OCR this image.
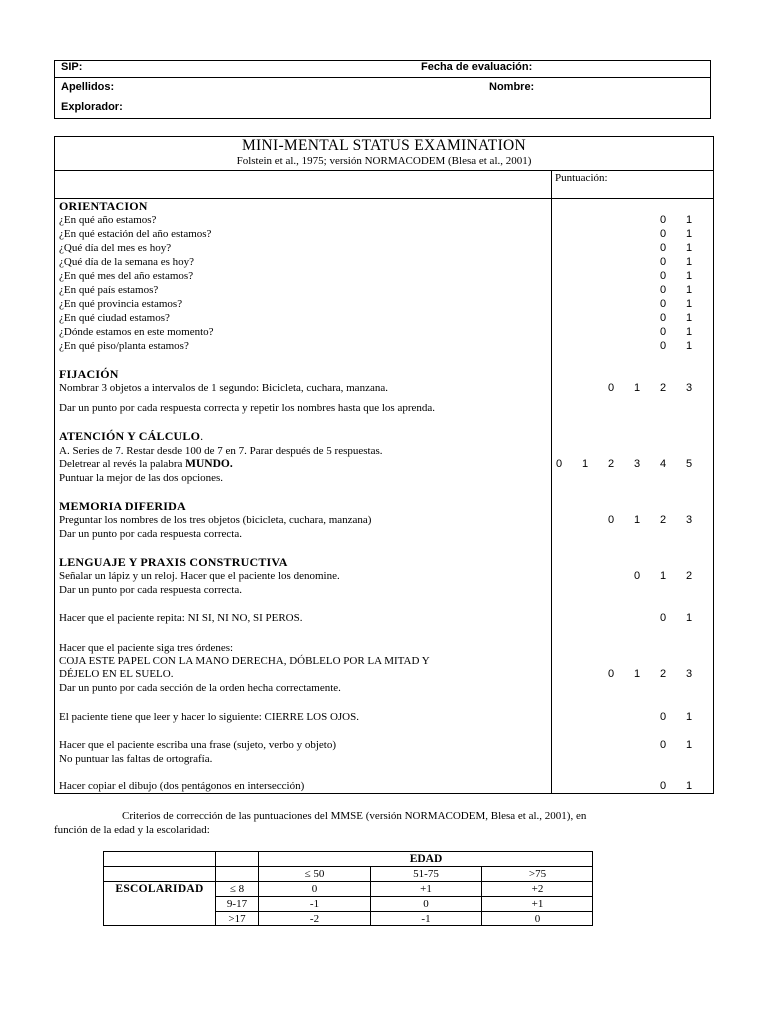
SIP:	Fecha de evaluación:
Apellidos:	Nombre:
Explorador:
MINI-MENTAL STATUS EXAMINATION
Folstein et al., 1975; versión NORMACODEM (Blesa et al., 2001)
Puntuación:
ORIENTACION
¿En qué año estamos?	0	1
¿En qué estación del año estamos?	0	1
¿Qué día del mes es hoy?	0	1
¿Qué día de la semana es hoy?	0	1
¿En qué mes del año estamos?	0	1
¿En qué país estamos?	0	1
¿En qué provincia estamos?	0	1
¿En qué ciudad estamos?	0	1
¿Dónde estamos en este momento?	0	1
¿En qué piso/planta estamos?	0	1
FIJACIÓN
Nombrar 3 objetos a intervalos de 1 segundo: Bicicleta, cuchara, manzana.
Dar un punto por cada respuesta correcta y repetir los nombres hasta que los aprenda.
0	1	2	3
ATENCIÓN Y CÁLCULO.
A. Series de 7. Restar desde 100 de 7 en 7. Parar después de 5 respuestas.
Deletrear al revés la palabra MUNDO.
Puntuar la mejor de las dos opciones.
0	1	2	3	4	5
MEMORIA DIFERIDA
Preguntar los nombres de los tres objetos (bicicleta, cuchara, manzana)
Dar un punto por cada respuesta correcta.
0	1	2	3
LENGUAJE Y PRAXIS CONSTRUCTIVA
Señalar un lápiz y un reloj. Hacer que el paciente los denomine.
Dar un punto por cada respuesta correcta.
0	1	2
Hacer que el paciente repita: NI SI, NI NO, SI PEROS.	0	1
Hacer que el paciente siga tres órdenes:
COJA ESTE PAPEL CON LA MANO DERECHA, DÓBLELO POR LA MITAD Y
DÉJELO EN EL SUELO.
Dar un punto por cada sección de la orden hecha correctamente.
0	1	2	3
El paciente tiene que leer y hacer lo siguiente: CIERRE LOS OJOS.	0	1
Hacer que el paciente escriba una frase (sujeto, verbo y objeto)
No puntuar las faltas de ortografía.
0	1
Hacer copiar el dibujo (dos pentágonos en intersección)	0	1
Criterios de corrección de las puntuaciones del MMSE (versión NORMACODEM, Blesa et al., 2001), en
función de la edad y la escolaridad:
EDAD
≤ 50	51-75	>75
ESCOLARIDAD	≤ 8	0	+1	+2
9-17	-1	0	+1
>17	-2	-1	0
